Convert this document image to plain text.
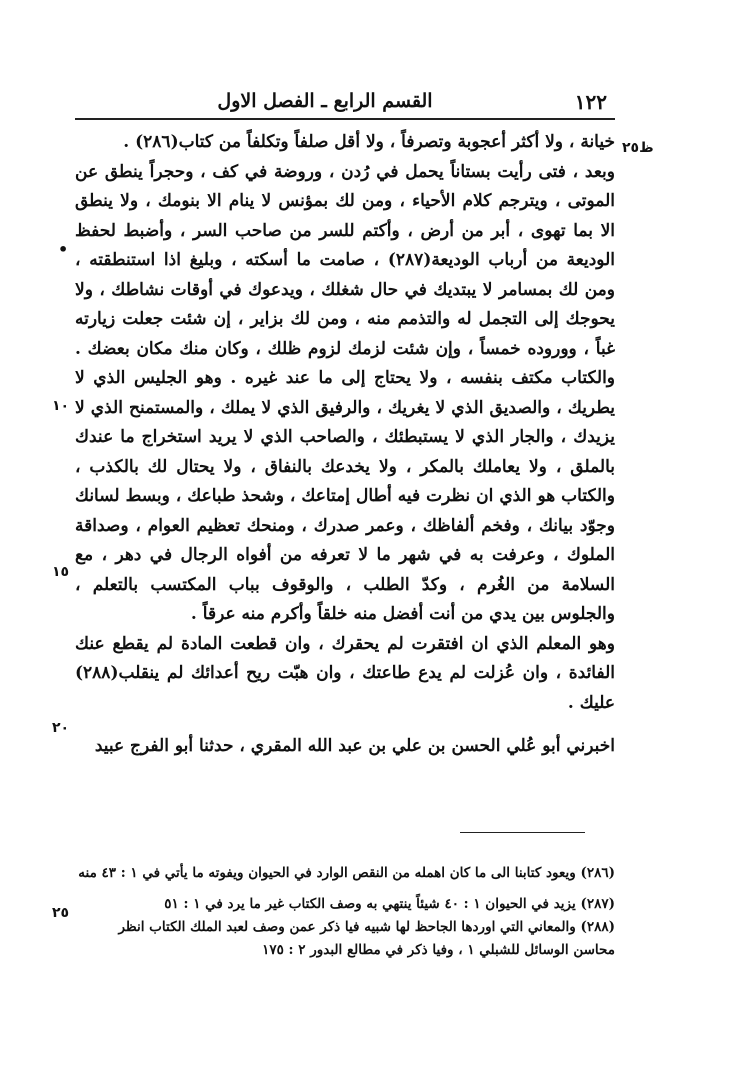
١٢٢
القسم الرابع ـ الفصل الاول
ظ٢٥
•
١٠
١٥
٢٠

خيانة ، ولا أكثر أعجوبة وتصرفاً ، ولا أقل صلفاً وتكلفاً من كتاب(٢٨٦) .

وبعد ، فتى رأيت بستاناً يحمل في رُدن ، وروضة في كف ، وحجراً ينطق عن الموتى ، ويترجم كلام الأحياء ، ومن لك بمؤنس لا ينام الا بنومك ، ولا ينطق الا بما تهوى ، أبر من أرض ، وأكتم للسر من صاحب السر ، وأضبط لحفظ الوديعة من أرباب الوديعة(٢٨٧) ، صامت ما أسكته ، وبليغ اذا استنطقته ، ومن لك بمسامر لا يبتديك في حال شغلك ، ويدعوك في أوقات نشاطك ، ولا يحوجك إلى التجمل له والتذمم منه ، ومن لك بزاير ، إن شئت جعلت زيارته غباً ، ووروده خمساً ، وإن شئت لزمك لزوم ظلك ، وكان منك مكان بعضك . والكتاب مكتف بنفسه ، ولا يحتاج إلى ما عند غيره . وهو الجليس الذي لا يطريك ، والصديق الذي لا يغريك ، والرفيق الذي لا يملك ، والمستمنح الذي لا يزيدك ، والجار الذي لا يستبطئك ، والصاحب الذي لا يريد استخراج ما عندك بالملق ، ولا يعاملك بالمكر ، ولا يخدعك بالنفاق ، ولا يحتال لك بالكذب ، والكتاب هو الذي ان نظرت فيه أطال إمتاعك ، وشحذ طباعك ، وبسط لسانك وجوّد بيانك ، وفخم ألفاظك ، وعمر صدرك ، ومنحك تعظيم العوام ، وصداقة الملوك ، وعرفت به في شهر ما لا تعرفه من أفواه الرجال في دهر ، مع السلامة من الغُرم ، وكدّ الطلب ، والوقوف بباب المكتسب بالتعلم ، والجلوس بين يدي من أنت أفضل منه خلقاً وأكرم منه عرقاً .

وهو المعلم الذي ان افتقرت لم يحقرك ، وان قطعت المادة لم يقطع عنك الفائدة ، وان عُزلت لم يدع طاعتك ، وان هبّت ريح أعدائك لم ينقلب(٢٨٨) عليك .

اخبرني أبو عُلي الحسن بن علي بن عبد الله المقري ، حدثنا أبو الفرج عبيد

٢٥

(٢٨٦) ويعود كتابنا الى ما كان اهمله من النقص الوارد في الحيوان ويفوته ما يأتي في ١ : ٤٣ منه

(٢٨٧) يزيد في الحيوان ١ : ٤٠ شيئاً ينتهي به وصف الكتاب غير ما يرد في ١ : ٥١

(٢٨٨) والمعاني التي اوردها الجاحظ لها شبيه فيا ذكر عمن وصف لعبد الملك الكتاب انظر محاسن الوسائل للشبلي ١ ، وفيا ذكر في مطالع البدور ٢ : ١٧٥
